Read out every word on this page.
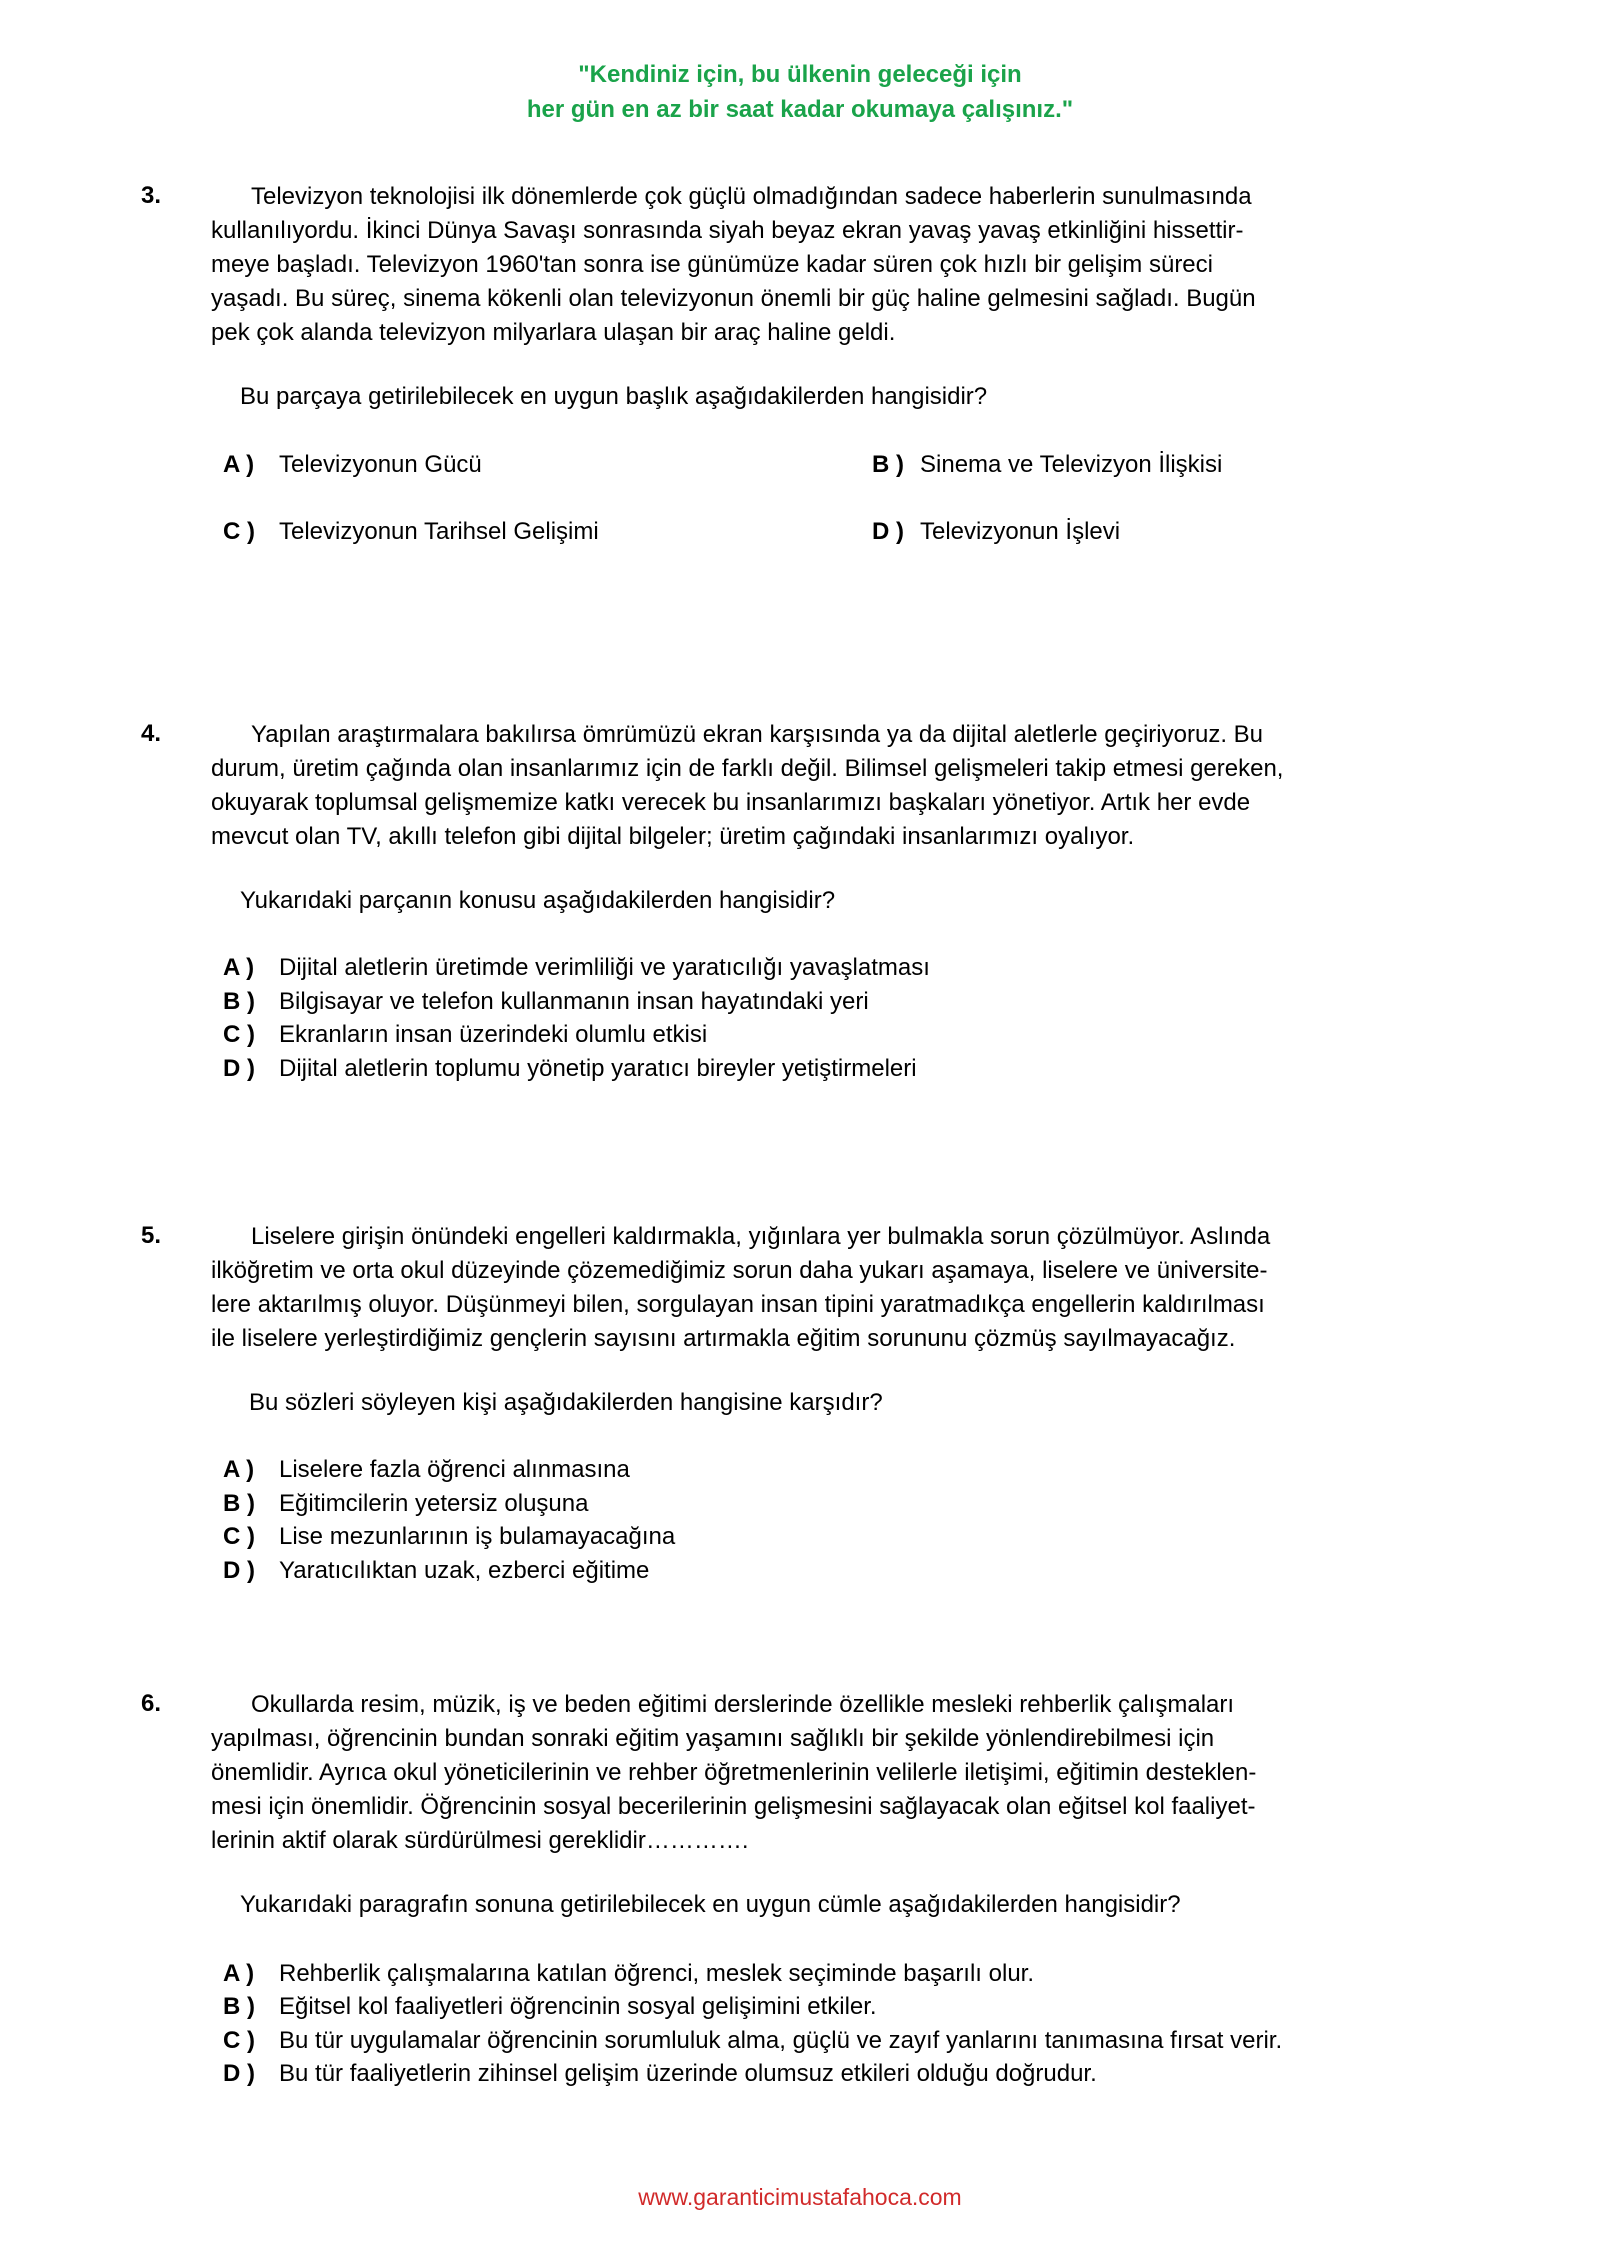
"Kendiniz için, bu ülkenin geleceği için
her gün en az bir saat kadar okumaya çalışınız."
3.	Televizyon teknolojisi ilk dönemlerde çok güçlü olmadığından sadece haberlerin sunulmasında
kullanılıyordu. İkinci Dünya Savaşı sonrasında siyah beyaz ekran yavaş yavaş etkinliğini hissettir-
meye başladı. Televizyon 1960'tan sonra ise günümüze kadar süren çok hızlı bir gelişim süreci
yaşadı. Bu süreç, sinema kökenli olan televizyonun önemli bir güç haline gelmesini sağladı. Bugün
pek çok alanda televizyon milyarlara ulaşan bir araç haline geldi.
Bu parçaya getirilebilecek en uygun başlık aşağıdakilerden hangisidir?
A ) Televizyonun Gücü	B ) Sinema ve Televizyon İlişkisi
C ) Televizyonun Tarihsel Gelişimi	D ) Televizyonun İşlevi
4.	Yapılan araştırmalara bakılırsa ömrümüzü ekran karşısında ya da dijital aletlerle geçiriyoruz. Bu
durum, üretim çağında olan insanlarımız için de farklı değil. Bilimsel gelişmeleri takip etmesi gereken,
okuyarak toplumsal gelişmemize katkı verecek bu insanlarımızı başkaları yönetiyor. Artık her evde
mevcut olan TV, akıllı telefon gibi dijital bilgeler; üretim çağındaki insanlarımızı oyalıyor.
Yukarıdaki parçanın konusu aşağıdakilerden hangisidir?
A ) Dijital aletlerin üretimde verimliliği ve yaratıcılığı yavaşlatması
B ) Bilgisayar ve telefon kullanmanın insan hayatındaki yeri
C ) Ekranların insan üzerindeki olumlu etkisi
D ) Dijital aletlerin toplumu yönetip yaratıcı bireyler yetiştirmeleri
5.	Liselere girişin önündeki engelleri kaldırmakla, yığınlara yer bulmakla sorun çözülmüyor. Aslında
ilköğretim ve orta okul düzeyinde çözemediğimiz sorun daha yukarı aşamaya, liselere ve üniversite-
lere aktarılmış oluyor. Düşünmeyi bilen, sorgulayan insan tipini yaratmadıkça engellerin kaldırılması
ile liselere yerleştirdiğimiz gençlerin sayısını artırmakla eğitim sorununu çözmüş sayılmayacağız.
Bu sözleri söyleyen kişi aşağıdakilerden hangisine karşıdır?
A ) Liselere fazla öğrenci alınmasına
B ) Eğitimcilerin yetersiz oluşuna
C ) Lise mezunlarının iş bulamayacağına
D ) Yaratıcılıktan uzak, ezberci eğitime
6.	Okullarda resim, müzik, iş ve beden eğitimi derslerinde özellikle mesleki rehberlik çalışmaları
yapılması, öğrencinin bundan sonraki eğitim yaşamını sağlıklı bir şekilde yönlendirebilmesi için
önemlidir. Ayrıca okul yöneticilerinin ve rehber öğretmenlerinin velilerle iletişimi, eğitimin desteklen-
mesi için önemlidir. Öğrencinin sosyal becerilerinin gelişmesini sağlayacak olan eğitsel kol faaliyet-
lerinin aktif olarak sürdürülmesi gereklidir………….
Yukarıdaki paragrafın sonuna getirilebilecek en uygun cümle aşağıdakilerden hangisidir?
A ) Rehberlik çalışmalarına katılan öğrenci, meslek seçiminde başarılı olur.
B ) Eğitsel kol faaliyetleri öğrencinin sosyal gelişimini etkiler.
C ) Bu tür uygulamalar öğrencinin sorumluluk alma, güçlü ve zayıf yanlarını tanımasına fırsat verir.
D ) Bu tür faaliyetlerin zihinsel gelişim üzerinde olumsuz etkileri olduğu doğrudur.
www.garanticimustafahoca.com
